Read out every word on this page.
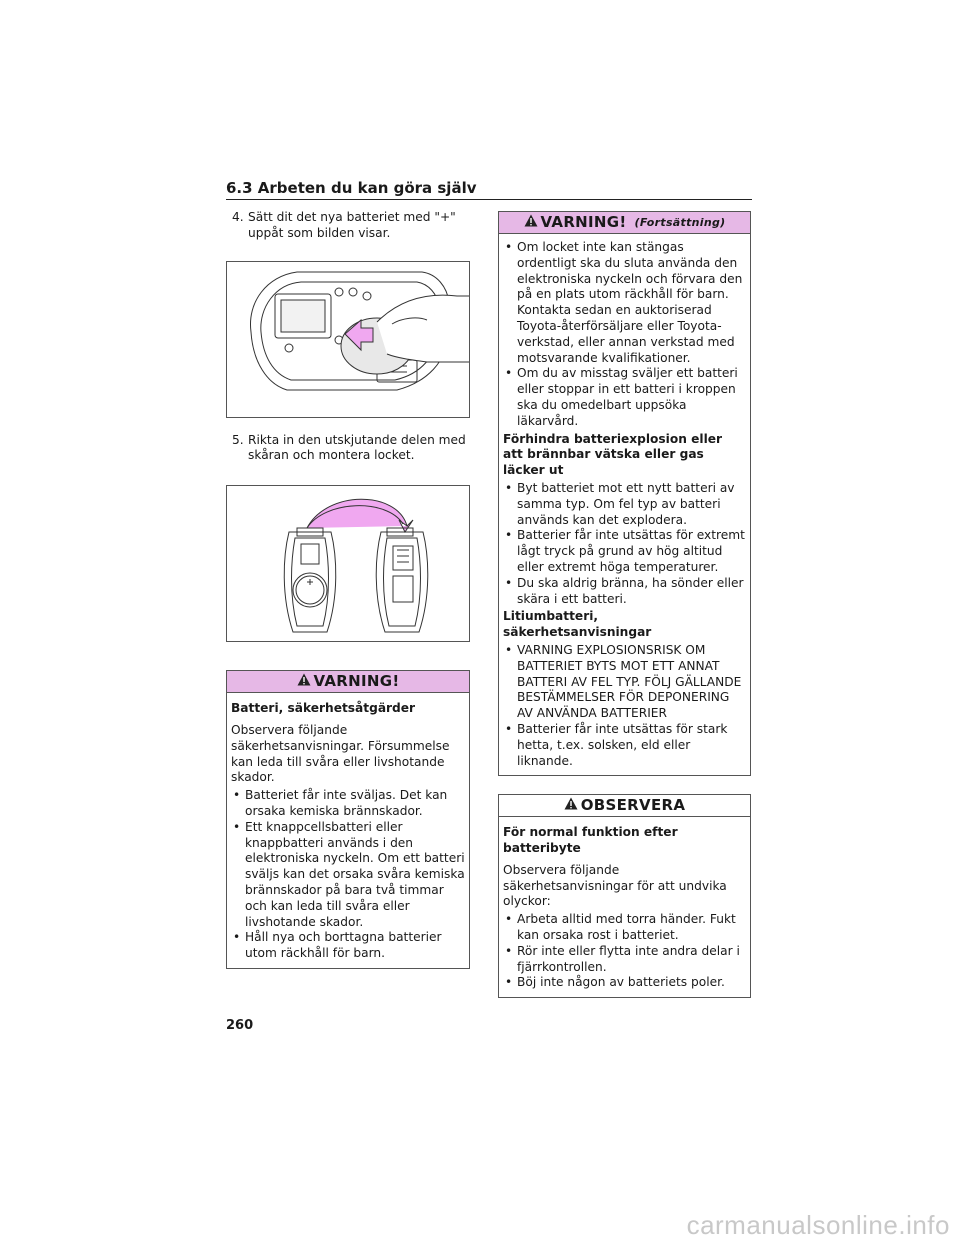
6.3 Arbeten du kan göra själv
4. Sätt dit det nya batteriet med "+" uppåt som bilden visar.
5. Rikta in den utskjutande delen med skåran och montera locket.
VARNING!

Batteri, säkerhetsåtgärder

Observera följande säkerhetsanvisningar. Försummelse kan leda till svåra eller livshotande skador.

• Batteriet får inte sväljas. Det kan orsaka kemiska brännskador.
• Ett knappcellsbatteri eller knappbatteri används i den elektroniska nyckeln. Om ett batteri sväljs kan det orsaka svåra kemiska brännskador på bara två timmar och kan leda till svåra eller livshotande skador.
• Håll nya och borttagna batterier utom räckhåll för barn.
VARNING! (Fortsättning)
• Om locket inte kan stängas ordentligt ska du sluta använda den elektroniska nyckeln och förvara den på en plats utom räckhåll för barn. Kontakta sedan en auktoriserad Toyota-återförsäljare eller Toyota-verkstad, eller annan verkstad med motsvarande kvalifikationer.
• Om du av misstag sväljer ett batteri eller stoppar in ett batteri i kroppen ska du omedelbart uppsöka läkarvård.

Förhindra batteriexplosion eller att brännbar vätska eller gas läcker ut

• Byt batteriet mot ett nytt batteri av samma typ. Om fel typ av batteri används kan det explodera.
• Batterier får inte utsättas för extremt lågt tryck på grund av hög altitud eller extremt höga temperaturer.
• Du ska aldrig bränna, ha sönder eller skära i ett batteri.

Litiumbatteri, säkerhetsanvisningar

• VARNING EXPLOSIONSRISK OM BATTERIET BYTS MOT ETT ANNAT BATTERI AV FEL TYP. FÖLJ GÄLLANDE BESTÄMMELSER FÖR DEPONERING AV ANVÄNDA BATTERIER
• Batterier får inte utsättas för stark hetta, t.ex. solsken, eld eller liknande.
OBSERVERA

För normal funktion efter batteribyte

Observera följande säkerhetsanvisningar för att undvika olyckor:

• Arbeta alltid med torra händer. Fukt kan orsaka rost i batteriet.
• Rör inte eller flytta inte andra delar i fjärrkontrollen.
• Böj inte någon av batteriets poler.
260
carmanualsonline.info
